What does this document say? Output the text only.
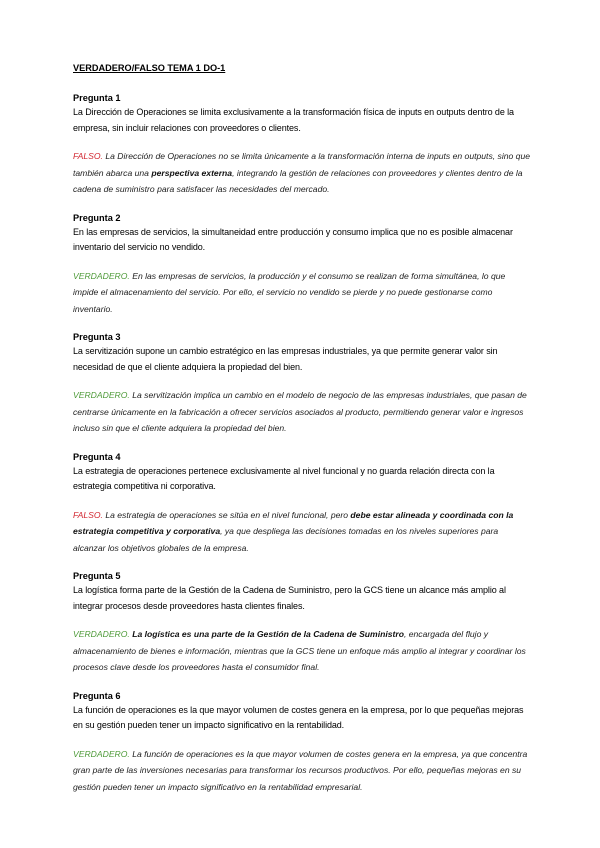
VERDADERO/FALSO TEMA 1 DO-1

Pregunta 1

La Dirección de Operaciones se limita exclusivamente a la transformación física de inputs en outputs dentro de la empresa, sin incluir relaciones con proveedores o clientes.

FALSO. La Dirección de Operaciones no se limita únicamente a la transformación interna de inputs en outputs, sino que también abarca una perspectiva externa, integrando la gestión de relaciones con proveedores y clientes dentro de la cadena de suministro para satisfacer las necesidades del mercado.

Pregunta 2

En las empresas de servicios, la simultaneidad entre producción y consumo implica que no es posible almacenar inventario del servicio no vendido.

VERDADERO. En las empresas de servicios, la producción y el consumo se realizan de forma simultánea, lo que impide el almacenamiento del servicio. Por ello, el servicio no vendido se pierde y no puede gestionarse como inventario.

Pregunta 3

La servitización supone un cambio estratégico en las empresas industriales, ya que permite generar valor sin necesidad de que el cliente adquiera la propiedad del bien.

VERDADERO. La servitización implica un cambio en el modelo de negocio de las empresas industriales, que pasan de centrarse únicamente en la fabricación a ofrecer servicios asociados al producto, permitiendo generar valor e ingresos incluso sin que el cliente adquiera la propiedad del bien.

Pregunta 4

La estrategia de operaciones pertenece exclusivamente al nivel funcional y no guarda relación directa con la estrategia competitiva ni corporativa.

FALSO. La estrategia de operaciones se sitúa en el nivel funcional, pero debe estar alineada y coordinada con la estrategia competitiva y corporativa, ya que despliega las decisiones tomadas en los niveles superiores para alcanzar los objetivos globales de la empresa.

Pregunta 5

La logística forma parte de la Gestión de la Cadena de Suministro, pero la GCS tiene un alcance más amplio al integrar procesos desde proveedores hasta clientes finales.

VERDADERO. La logística es una parte de la Gestión de la Cadena de Suministro, encargada del flujo y almacenamiento de bienes e información, mientras que la GCS tiene un enfoque más amplio al integrar y coordinar los procesos clave desde los proveedores hasta el consumidor final.

Pregunta 6

La función de operaciones es la que mayor volumen de costes genera en la empresa, por lo que pequeñas mejoras en su gestión pueden tener un impacto significativo en la rentabilidad.

VERDADERO. La función de operaciones es la que mayor volumen de costes genera en la empresa, ya que concentra gran parte de las inversiones necesarias para transformar los recursos productivos. Por ello, pequeñas mejoras en su gestión pueden tener un impacto significativo en la rentabilidad empresarial.
